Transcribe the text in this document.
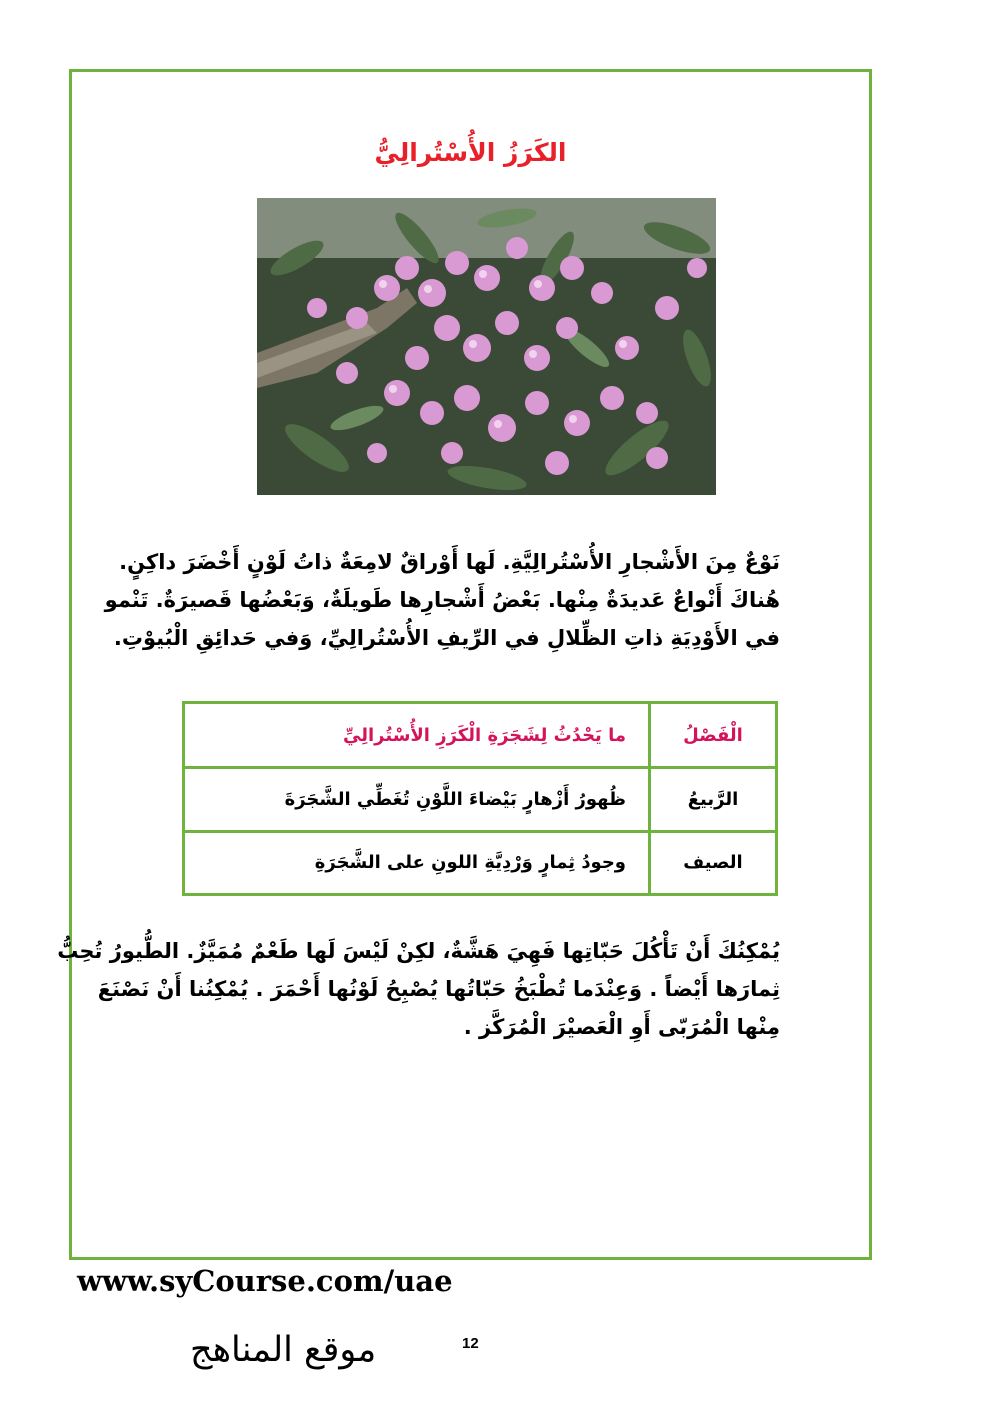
الكَرَزُ الأُسْتُرالِيُّ
نَوْعٌ مِنَ الأَشْجارِ الأُسْتُرالِيَّةِ. لَها أَوْراقٌ لامِعَةٌ ذاتُ لَوْنٍ أَخْضَرَ داكِنٍ.
هُناكَ أَنْواعٌ عَديدَةٌ مِنْها. بَعْضُ أَشْجارِها طَويلَةٌ، وَبَعْضُها قَصيرَةٌ. تَنْمو
في الأَوْدِيَةِ ذاتِ الظِّلالِ في الرِّيفِ الأُسْتُرالِيِّ، وَفي حَدائِقِ الْبُيوْتِ.
الْفَصْلُ	ما يَحْدُثُ لِشَجَرَةِ الْكَرَزِ الأُسْتُرالِيِّ
الرَّبيعُ	ظُهورُ أَزْهارٍ بَيْضاءَ اللَّوْنِ تُغَطِّي الشَّجَرَةَ
الصيف	وجودُ ثِمارٍ وَرْدِيَّةِ اللونِ على الشَّجَرَةِ
يُمْكِنُكَ أَنْ تَأْكُلَ حَبّاتِها فَهِيَ هَشَّةٌ، لكِنْ لَيْسَ لَها طَعْمٌ مُمَيَّزٌ. الطُّيورُ تُحِبُّ
ثِمارَها أَيْضاً . وَعِنْدَما تُطْبَخُ حَبّاتُها يُصْبِحُ لَوْنُها أَحْمَرَ . يُمْكِنُنا أَنْ نَصْنَعَ
مِنْها الْمُرَبّى أَوِ الْعَصيْرَ الْمُرَكَّز .

www.syCourse.com/uae

موقع المناهج	12
